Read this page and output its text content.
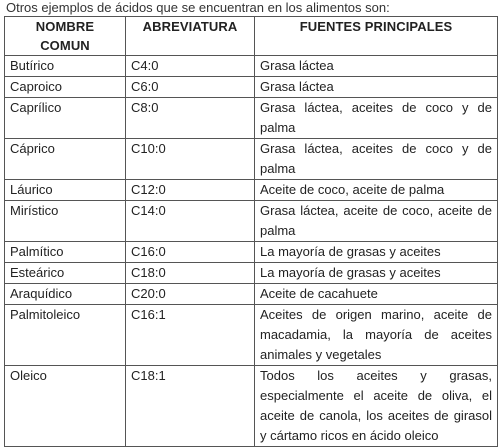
Otros ejemplos de ácidos que se encuentran en los alimentos son:
NOMBRE COMUN	ABREVIATURA	FUENTES PRINCIPALES
Butírico	C4:0	Grasa láctea
Caproico	C6:0	Grasa láctea
Caprílico	C8:0	Grasa láctea, aceites de coco y de palma
Cáprico	C10:0	Grasa láctea, aceites de coco y de palma
Láurico	C12:0	Aceite de coco, aceite de palma
Mirístico	C14:0	Grasa láctea, aceite de coco, aceite de palma
Palmítico	C16:0	La mayoría de grasas y aceites
Esteárico	C18:0	La mayoría de grasas y aceites
Araquídico	C20:0	Aceite de cacahuete
Palmitoleico	C16:1	Aceites de origen marino, aceite de macadamia, la mayoría de aceites animales y vegetales
Oleico	C18:1	Todos los aceites y grasas, especialmente el aceite de oliva, el aceite de canola, los aceites de girasol y cártamo ricos en ácido oleico
